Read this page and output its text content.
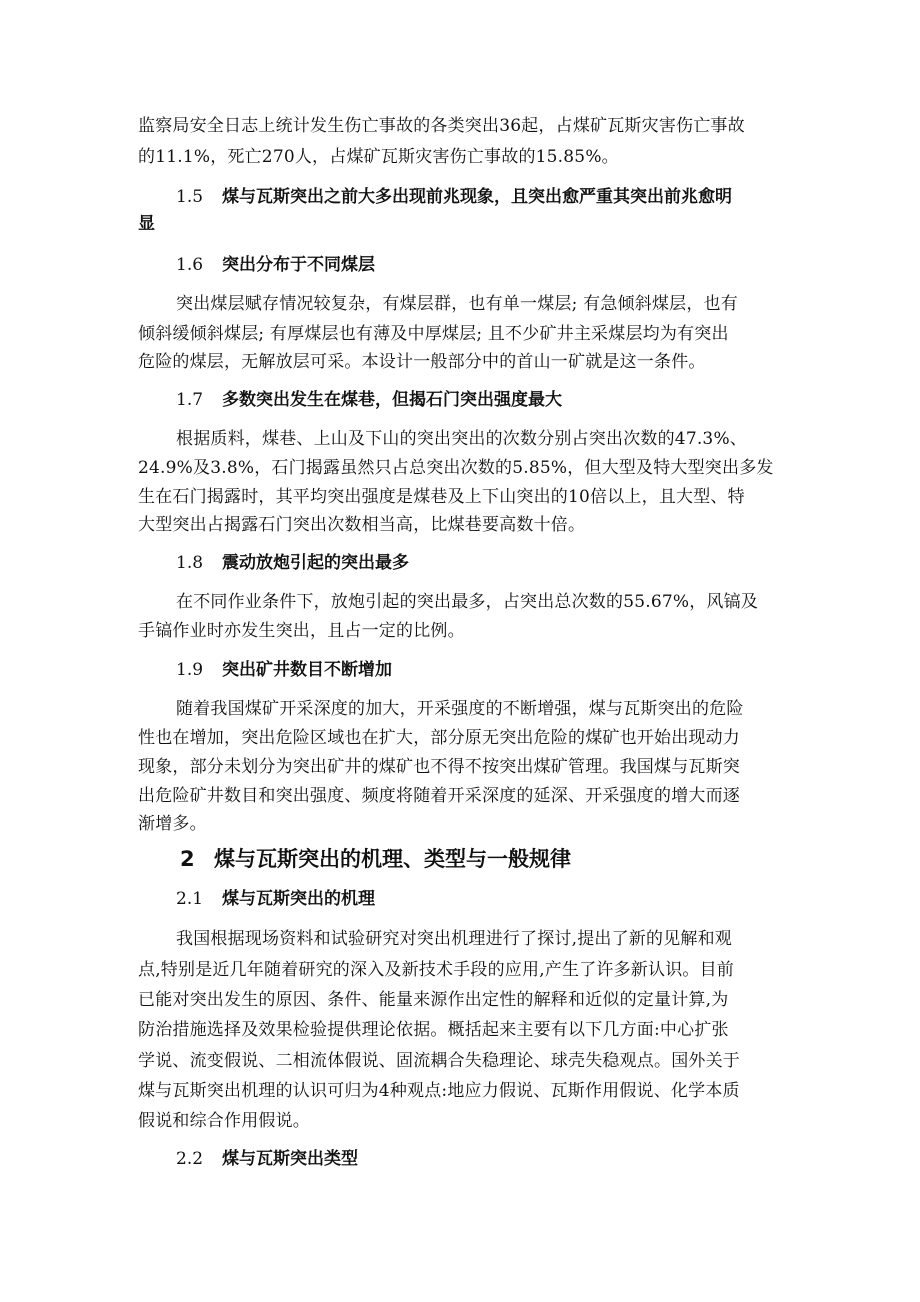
监察局安全日志上统计发生伤亡事故的各类突出36起，占煤矿瓦斯灾害伤亡事故
的11.1%，死亡270人，占煤矿瓦斯灾害伤亡事故的15.85%。
1.5 煤与瓦斯突出之前大多出现前兆现象，且突出愈严重其突出前兆愈明
显
1.6 突出分布于不同煤层
突出煤层赋存情况较复杂，有煤层群，也有单一煤层; 有急倾斜煤层，也有
倾斜缓倾斜煤层; 有厚煤层也有薄及中厚煤层; 且不少矿井主采煤层均为有突出
危险的煤层，无解放层可采。本设计一般部分中的首山一矿就是这一条件。
1.7 多数突出发生在煤巷，但揭石门突出强度最大
根据质料，煤巷、上山及下山的突出突出的次数分别占突出次数的47.3%、
24.9%及3.8%，石门揭露虽然只占总突出次数的5.85%，但大型及特大型突出多发
生在石门揭露时，其平均突出强度是煤巷及上下山突出的10倍以上，且大型、特
大型突出占揭露石门突出次数相当高，比煤巷要高数十倍。
1.8 震动放炮引起的突出最多
在不同作业条件下，放炮引起的突出最多，占突出总次数的55.67%，风镐及
手镐作业时亦发生突出，且占一定的比例。
1.9 突出矿井数目不断增加
随着我国煤矿开采深度的加大，开采强度的不断增强，煤与瓦斯突出的危险
性也在增加，突出危险区域也在扩大，部分原无突出危险的煤矿也开始出现动力
现象，部分未划分为突出矿井的煤矿也不得不按突出煤矿管理。我国煤与瓦斯突
出危险矿井数目和突出强度、频度将随着开采深度的延深、开采强度的增大而逐
渐增多。
2 煤与瓦斯突出的机理、类型与一般规律
2.1 煤与瓦斯突出的机理
我国根据现场资料和试验研究对突出机理进行了探讨,提出了新的见解和观
点,特别是近几年随着研究的深入及新技术手段的应用,产生了许多新认识。目前
已能对突出发生的原因、条件、能量来源作出定性的解释和近似的定量计算,为
防治措施选择及效果检验提供理论依据。概括起来主要有以下几方面:中心扩张
学说、流变假说、二相流体假说、固流耦合失稳理论、球壳失稳观点。国外关于
煤与瓦斯突出机理的认识可归为4种观点:地应力假说、瓦斯作用假说、化学本质
假说和综合作用假说。
2.2 煤与瓦斯突出类型
